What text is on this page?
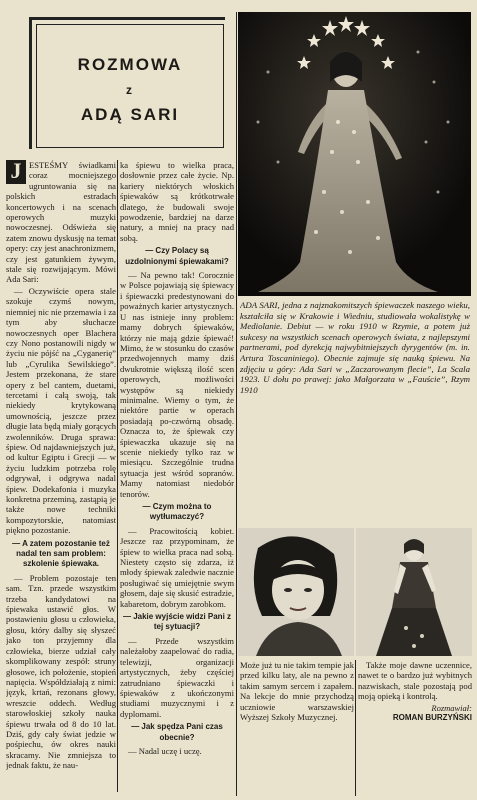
ROZMOWA
z
ADĄ SARI
ADA SARI, jedna z najznakomitszych śpiewaczek naszego wieku, kształciła się w Krakowie i Wiedniu, studiowała wokalistykę w Mediolanie. Debiut — w roku 1910 w Rzymie, a potem już sukcesy na wszystkich scenach operowych świata, z najlepszymi partnerami, pod dyrekcją najwybitniejszych dyrygentów (m. in. Artura Toscaniniego). Obecnie zajmuje się nauką śpiewu. Na zdjęciu u góry: Ada Sari w „Zaczarowanym flecie”, La Scala 1923. U dołu po prawej: jako Małgorzata w „Fauście”, Rzym 1910

J ESTEŚMY świadkami coraz mocniejszego ugruntowania się na polskich estradach koncertowych i na scenach operowych muzyki nowoczesnej. Odświeża się zatem znowu dyskusję na temat opery: czy jest anachronizmem, czy jest gatunkiem żywym, stale się rozwijającym. Mówi Ada Sari:

— Oczywiście opera stale szokuje czymś nowym, niemniej nic nie przemawia i za tym aby słuchacze nowoczesnych oper Blachera czy Nono postanowili nigdy w życiu nie pójść na „Cyganerię” lub „Cyrulika Sewilskiego”. Jestem przekonana, że stare opery z bel cantem, duetami, tercetami i całą swoją, tak niekiedy krytykowaną umownością, jeszcze przez długie lata będą miały gorących zwolenników. Druga sprawa: śpiew. Od najdawniejszych już, od kultur Egiptu i Grecji — w życiu ludzkim potrzeba rolę odgrywał, i odgrywa nadal śpiew. Dodekafonia i muzyka konkretna przeminą, zastąpią je także nowe techniki kompozytorskie, natomiast piękno pozostanie.

— A zatem pozostanie też nadal ten sam problem: szkolenie śpiewaka.

— Problem pozostaje ten sam. Tzn. przede wszystkim trzeba kandydatowi na śpiewaka ustawić głos. W postawieniu głosu u człowieka, głosu, który dalby się słyszeć jako ton przyjemny dla człowieka, bierze udział cały skomplikowany zespół: struny głosowe, ich położenie, stopień napięcia. Współdziałają z nimi: język, krtań, rezonans głowy, wreszcie oddech. Według starowłoskiej szkoły nauka śpiewu trwała od 8 do 10 lat. Dziś, gdy cały świat jedzie w pośpiechu, ów okres nauki skracamy. Nie zmniejsza to jednak faktu, że nau-

ka śpiewu to wielka praca, dosłownie przez całe życie. Np. kariery niektórych włoskich śpiewaków są krótkotrwałe dlatego, że budowali swoje powodzenie, bardziej na darze natury, a mniej na pracy nad sobą.

— Czy Polacy są uzdolnionymi śpiewakami?

— Na pewno tak! Corocznie w Polsce pojawiają się śpiewacy i śpiewaczki predestynowani do poważnych karier artystycznych. U nas istnieje inny problem: mamy dobrych śpiewaków, którzy nie mają gdzie śpiewać! Mimo, że w stosunku do czasów przedwojennych mamy dziś dwukrotnie większą ilość scen operowych, możliwości występów są niekiedy minimalne. Wiemy o tym, że niektóre partie w operach posiadają po-czwórną obsadę. Oznacza to, że śpiewak czy śpiewaczka ukazuje się na scenie niekiedy tylko raz w miesiącu. Szczególnie trudna sytuacja jest wśród sopranów. Mamy natomiast niedobór tenorów.

— Czym można to wytłumaczyć?

— Pracowitością kobiet. Jeszcze raz przypominam, że śpiew to wielka praca nad sobą. Niestety często się zdarza, iż młody śpiewak zaledwie nacznie posługiwać się umiejętnie swym głosem, daje się skusić estradzie, kabaretom, dobrym zarobkom.

— Jakie wyjście widzi Pani z tej sytuacji?

— Przede wszystkim należałoby zaapelować do radia, telewizji, organizacji artystycznych, żeby częściej zatrudniano śpiewaczki i śpiewaków z ukończonymi studiami muzycznymi i z dyplomami.

— Jak spędza Pani czas obecnie?

— Nadal uczę i uczę.

Może już tu nie takim tempie jak przed kilku laty, ale na pewno z takim samym sercem i zapałem. Na lekcje do mnie przychodzą uczniowie warszawskiej Wyższej Szkoły Muzycznej.

Także moje dawne uczennice, nawet te o bardzo już wybitnych nazwiskach, stale pozostają pod moją opieką i kontrolą.

Rozmawiał:
ROMAN BURZYŃSKI
